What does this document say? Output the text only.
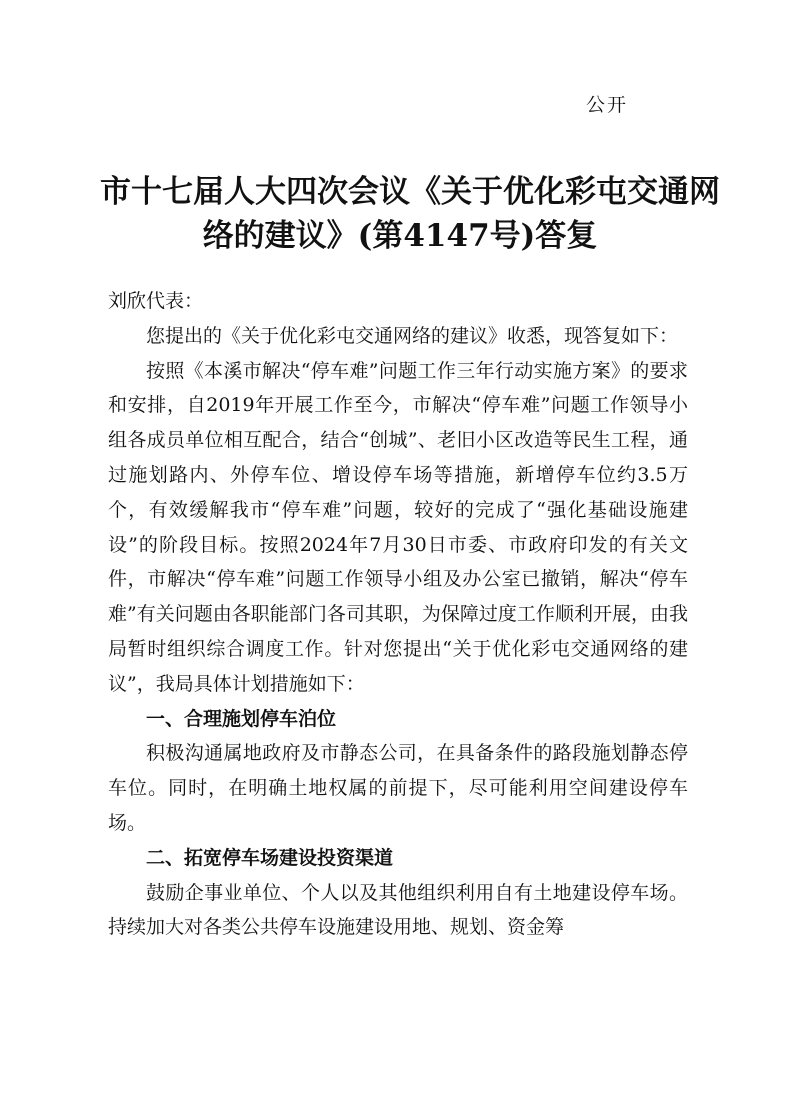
公开
市十七届人大四次会议《关于优化彩屯交通网
络的建议》(第4147号)答复

刘欣代表：

您提出的《关于优化彩屯交通网络的建议》收悉，现答复如下：

按照《本溪市解决“停车难”问题工作三年行动实施方案》的要求和安排，自2019年开展工作至今，市解决“停车难”问题工作领导小组各成员单位相互配合，结合“创城”、老旧小区改造等民生工程，通过施划路内、外停车位、增设停车场等措施，新增停车位约3.5万个，有效缓解我市“停车难”问题，较好的完成了“强化基础设施建设”的阶段目标。按照2024年7月30日市委、市政府印发的有关文件，市解决“停车难”问题工作领导小组及办公室已撤销，解决“停车难”有关问题由各职能部门各司其职，为保障过度工作顺利开展，由我局暂时组织综合调度工作。针对您提出“关于优化彩屯交通网络的建议”，我局具体计划措施如下：

一、合理施划停车泊位

积极沟通属地政府及市静态公司，在具备条件的路段施划静态停车位。同时，在明确土地权属的前提下，尽可能利用空间建设停车场。

二、拓宽停车场建设投资渠道

鼓励企事业单位、个人以及其他组织利用自有土地建设停车场。持续加大对各类公共停车设施建设用地、规划、资金筹
